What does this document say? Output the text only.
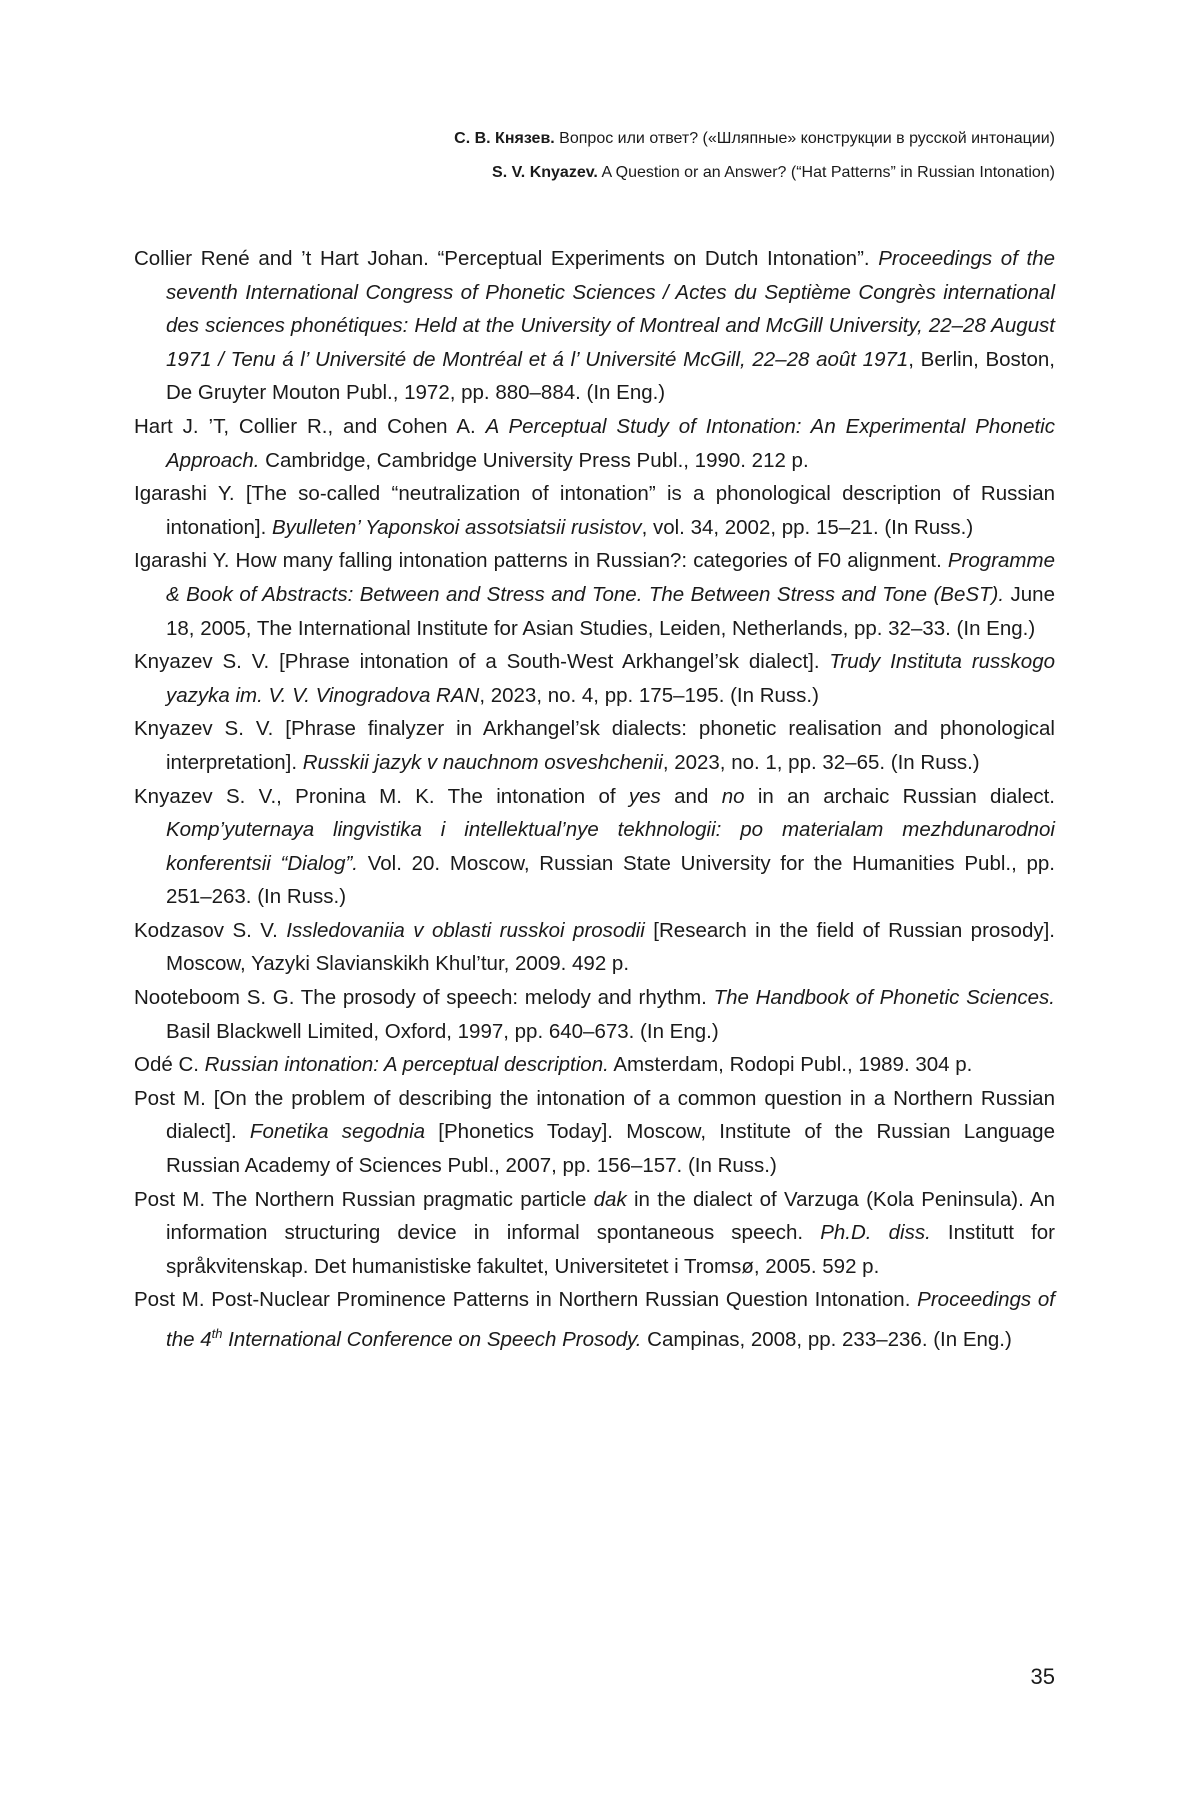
С. В. Князев. Вопрос или ответ? («Шляпные» конструкции в русской интонации)
S. V. Knyazev. A Question or an Answer? (“Hat Patterns” in Russian Intonation)

Collier René and ’t Hart Johan. “Perceptual Experiments on Dutch Intonation”. Proceedings of the seventh International Congress of Phonetic Sciences / Actes du Septième Congrès international des sciences phonétiques: Held at the University of Montreal and McGill University, 22–28 August 1971 / Tenu á l’ Université de Montréal et á l’ Université McGill, 22–28 août 1971, Berlin, Boston, De Gruyter Mouton Publ., 1972, pp. 880–884. (In Eng.)

Hart J. ’T, Collier R., and Cohen A. A Perceptual Study of Intonation: An Experimental Phonetic Approach. Cambridge, Cambridge University Press Publ., 1990. 212 p.

Igarashi Y. [The so-called “neutralization of intonation” is a phonological description of Russian intonation]. Byulleten’ Yaponskoi assotsiatsii rusistov, vol. 34, 2002, pp. 15–21. (In Russ.)

Igarashi Y. How many falling intonation patterns in Russian?: categories of F0 alignment. Programme & Book of Abstracts: Between and Stress and Tone. The Between Stress and Tone (BeST). June 18, 2005, The International Institute for Asian Studies, Leiden, Netherlands, pp. 32–33. (In Eng.)

Knyazev S. V. [Phrase intonation of a South-West Arkhangel’sk dialect]. Trudy Instituta russkogo yazyka im. V. V. Vinogradova RAN, 2023, no. 4, pp. 175–195. (In Russ.)

Knyazev S. V. [Phrase finalyzer in Arkhangel’sk dialects: phonetic realisation and phonological interpretation]. Russkii jazyk v nauchnom osveshchenii, 2023, no. 1, pp. 32–65. (In Russ.)

Knyazev S. V., Pronina M. K. The intonation of yes and no in an archaic Russian dialect. Komp’yuternaya lingvistika i intellektual’nye tekhnologii: po materialam mezhdunarodnoi konferentsii “Dialog”. Vol. 20. Moscow, Russian State University for the Humanities Publ., pp. 251–263. (In Russ.)

Kodzasov S. V. Issledovaniia v oblasti russkoi prosodii [Research in the field of Russian prosody]. Moscow, Yazyki Slavianskikh Khul’tur, 2009. 492 p.

Nooteboom S. G. The prosody of speech: melody and rhythm. The Handbook of Phonetic Sciences. Basil Blackwell Limited, Oxford, 1997, pp. 640–673. (In Eng.)

Odé C. Russian intonation: A perceptual description. Amsterdam, Rodopi Publ., 1989. 304 p.

Post M. [On the problem of describing the intonation of a common question in a Northern Russian dialect]. Fonetika segodnia [Phonetics Today]. Moscow, Institute of the Russian Language Russian Academy of Sciences Publ., 2007, pp. 156–157. (In Russ.)

Post M. The Northern Russian pragmatic particle dak in the dialect of Varzuga (Kola Peninsula). An information structuring device in informal spontaneous speech. Ph.D. diss. Institutt for språkvitenskap. Det humanistiske fakultet, Universitetet i Tromsø, 2005. 592 p.

Post M. Post-Nuclear Prominence Patterns in Northern Russian Question Intonation. Proceedings of the 4th International Conference on Speech Prosody. Campinas, 2008, pp. 233–236. (In Eng.)

35
